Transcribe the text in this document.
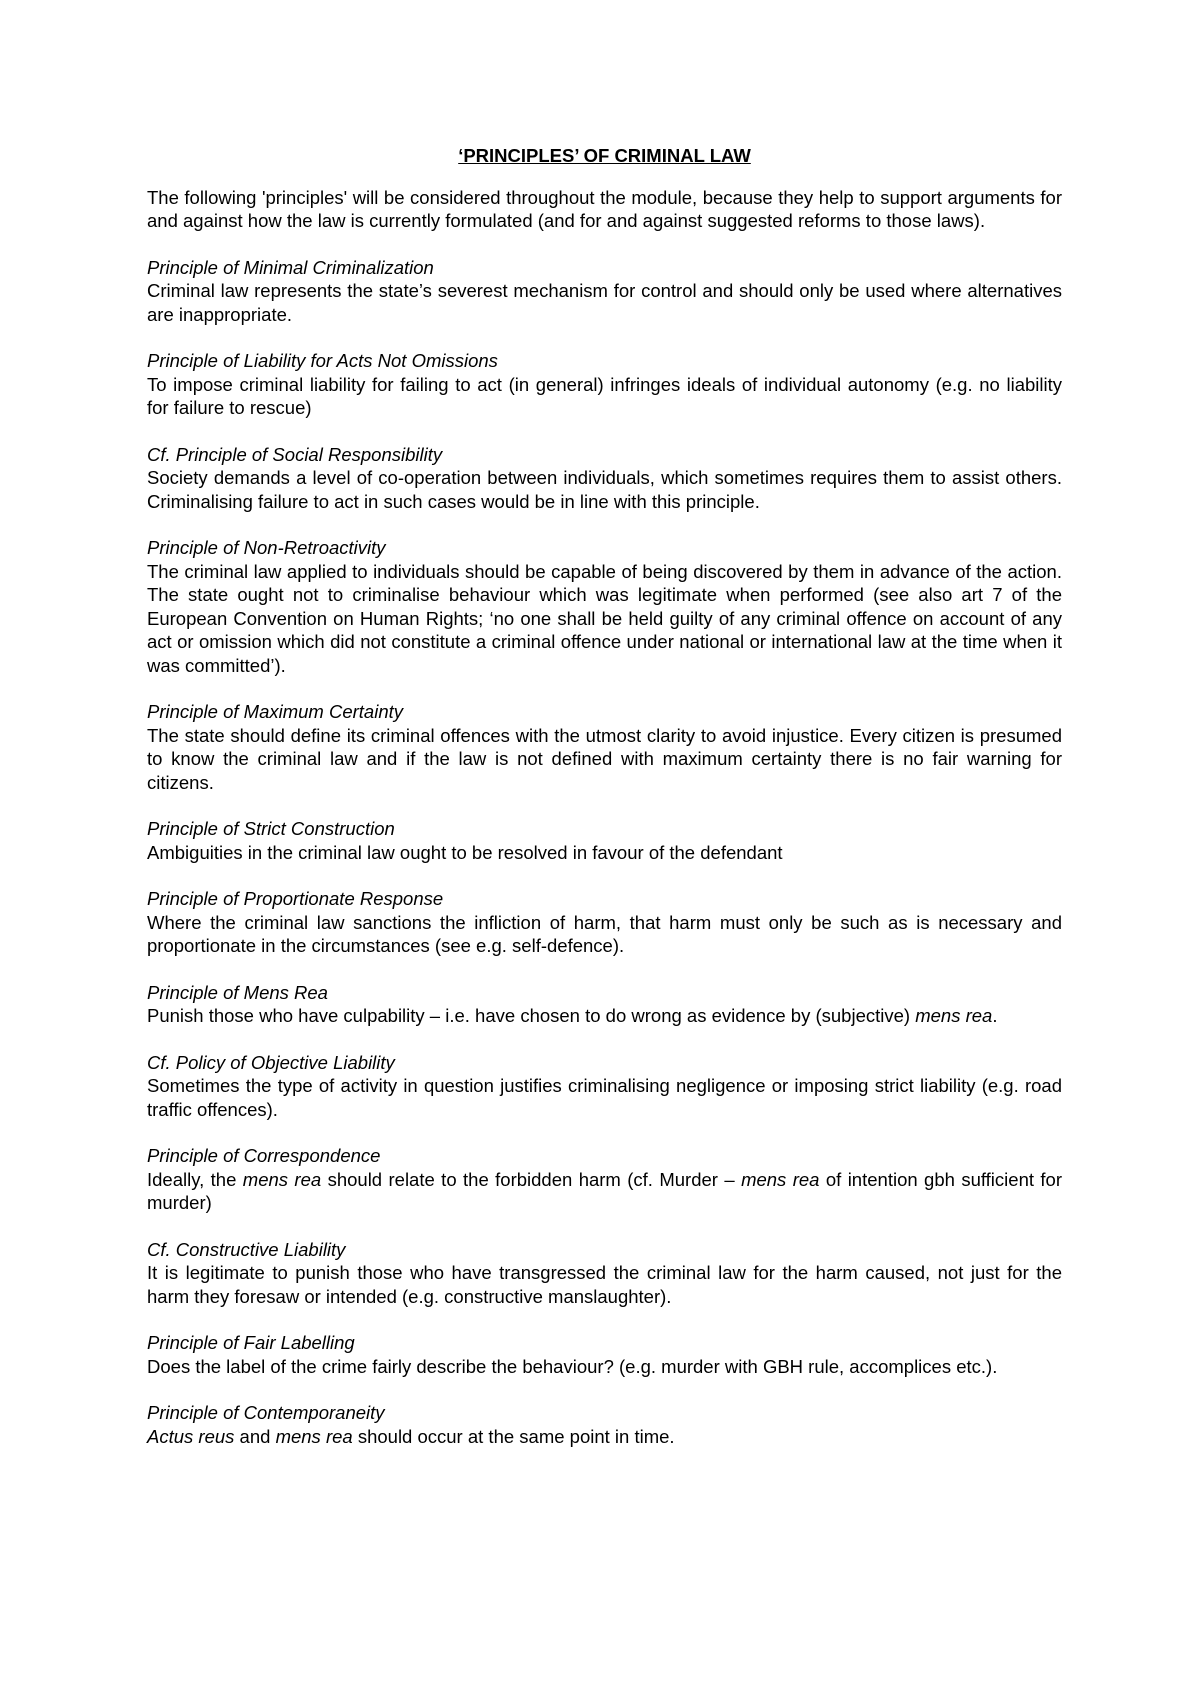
‘PRINCIPLES’ OF CRIMINAL LAW

The following 'principles' will be considered throughout the module, because they help to support arguments for and against how the law is currently formulated (and for and against suggested reforms to those laws).

Principle of Minimal Criminalization

Criminal law represents the state’s severest mechanism for control and should only be used where alternatives are inappropriate.

Principle of Liability for Acts Not Omissions

To impose criminal liability for failing to act (in general) infringes ideals of individual autonomy (e.g. no liability for failure to rescue)

Cf. Principle of Social Responsibility

Society demands a level of co-operation between individuals, which sometimes requires them to assist others. Criminalising failure to act in such cases would be in line with this principle.

Principle of Non-Retroactivity

The criminal law applied to individuals should be capable of being discovered by them in advance of the action. The state ought not to criminalise behaviour which was legitimate when performed (see also art 7 of the European Convention on Human Rights; ‘no one shall be held guilty of any criminal offence on account of any act or omission which did not constitute a criminal offence under national or international law at the time when it was committed’).

Principle of Maximum Certainty

The state should define its criminal offences with the utmost clarity to avoid injustice. Every citizen is presumed to know the criminal law and if the law is not defined with maximum certainty there is no fair warning for citizens.

Principle of Strict Construction

Ambiguities in the criminal law ought to be resolved in favour of the defendant

Principle of Proportionate Response

Where the criminal law sanctions the infliction of harm, that harm must only be such as is necessary and proportionate in the circumstances (see e.g. self-defence).

Principle of Mens Rea

Punish those who have culpability – i.e. have chosen to do wrong as evidence by (subjective) mens rea.

Cf. Policy of Objective Liability

Sometimes the type of activity in question justifies criminalising negligence or imposing strict liability (e.g. road traffic offences).

Principle of Correspondence

Ideally, the mens rea should relate to the forbidden harm (cf. Murder – mens rea of intention gbh sufficient for murder)

Cf. Constructive Liability

It is legitimate to punish those who have transgressed the criminal law for the harm caused, not just for the harm they foresaw or intended (e.g. constructive manslaughter).

Principle of Fair Labelling

Does the label of the crime fairly describe the behaviour? (e.g. murder with GBH rule, accomplices etc.).

Principle of Contemporaneity

Actus reus and mens rea should occur at the same point in time.
